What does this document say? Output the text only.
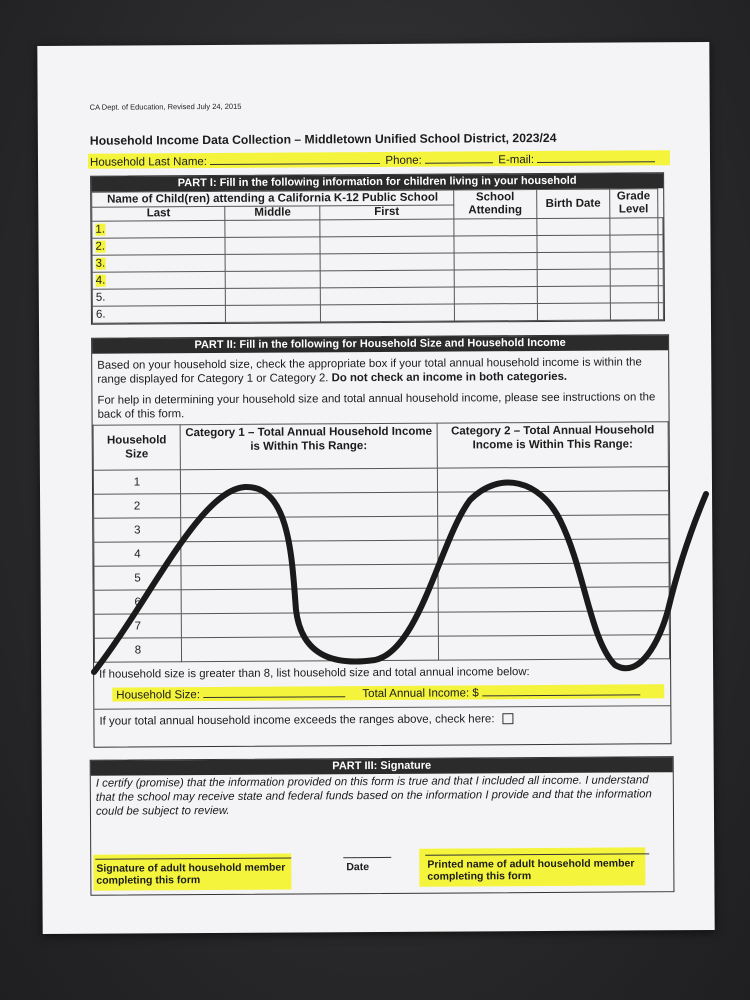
CA Dept. of Education, Revised July 24, 2015
Household Income Data Collection – Middletown Unified School District, 2023/24
Household Last Name:	Phone:	E-mail:
PART I: Fill in the following information for children living in your household
Name of Child(ren) attending a California K-12 Public School			School Attending	Birth Date	Grade Level	
Last	Middle	First				
1.						
2.						
3.						
4.						
5.						
6.						
PART II: Fill in the following for Household Size and Household Income
Based on your household size, check the appropriate box if your total annual household income is within the range displayed for Category 1 or Category 2. Do not check an income in both categories.
For help in determining your household size and total annual household income, please see instructions on the back of this form.
Household Size	Category 1 – Total Annual Household Income is Within This Range:	Category 2 – Total Annual Household Income is Within This Range:
1		
2		
3		
4		
5		
6		
7		
8		
If household size is greater than 8, list household size and total annual income below:
Household Size:	Total Annual Income: $
If your total annual household income exceeds the ranges above, check here:
PART III: Signature
I certify (promise) that the information provided on this form is true and that I included all income. I understand that the school may receive state and federal funds based on the information I provide and that the information could be subject to review.
Signature of adult household member completing this form
Date	Printed name of adult household member completing this form
